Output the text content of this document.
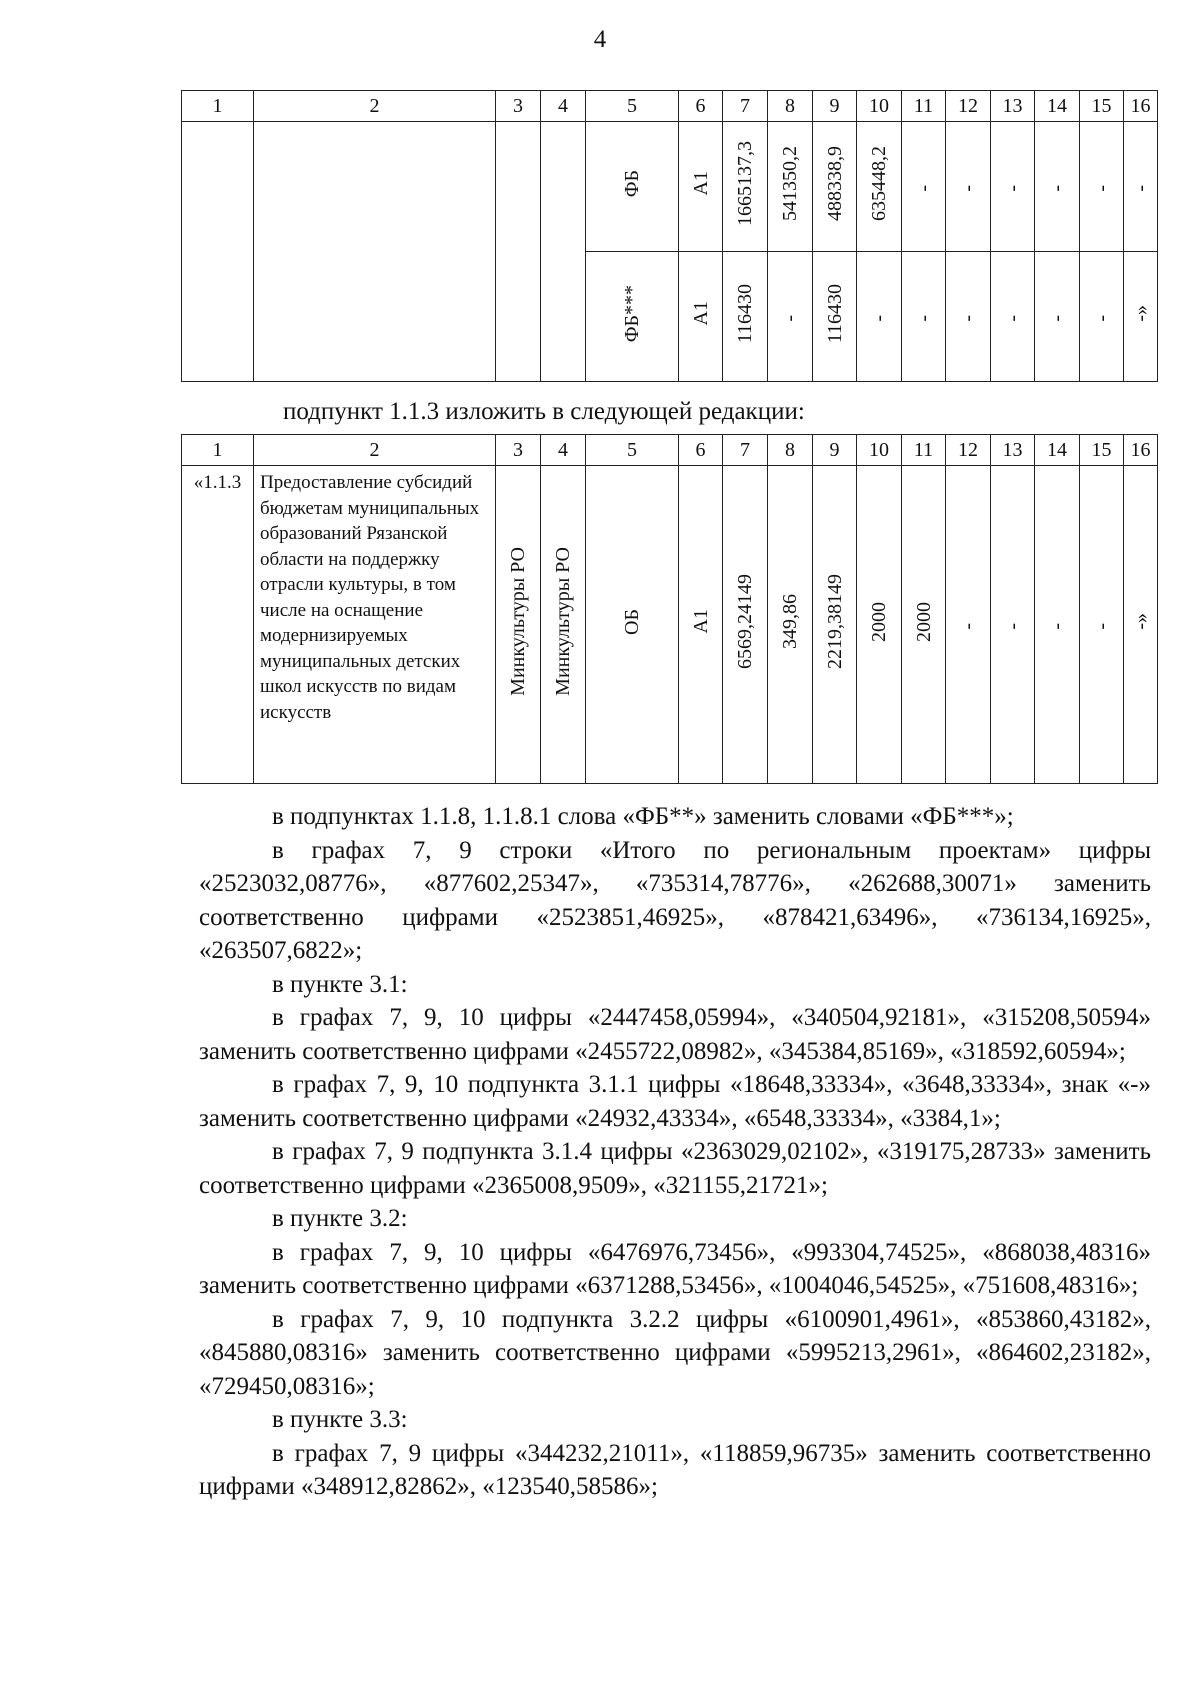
4
1	2	3	4	5	6	7	8	9	10	11	12	13	14	15	16
				ФБ	А1	1665137,3	541350,2	488338,9	635448,2	-	-	-	-	-	-
				ФБ***	А1	116430	-	116430	-	-	-	-	-	-	-»
подпункт 1.1.3 изложить в следующей редакции:
1	2	3	4	5	6	7	8	9	10	11	12	13	14	15	16
«1.1.3	Предоставление субсидий бюджетам муниципальных образований Рязанской области на поддержку отрасли культуры, в том числе на оснащение модернизируемых муниципальных детских школ искусств по видам искусств	Минкультуры РО	Минкультуры РО	ОБ	А1	6569,24149	349,86	2219,38149	2000	2000	-	-	-	-	-»

в подпунктах 1.1.8, 1.1.8.1 слова «ФБ**» заменить словами «ФБ***»;

в графах 7, 9 строки «Итого по региональным проектам» цифры «2523032,08776», «877602,25347», «735314,78776», «262688,30071» заменить соответственно цифрами «2523851,46925», «878421,63496», «736134,16925», «263507,6822»;

в пункте 3.1:

в графах 7, 9, 10 цифры «2447458,05994», «340504,92181», «315208,50594» заменить соответственно цифрами «2455722,08982», «345384,85169», «318592,60594»;

в графах 7, 9, 10 подпункта 3.1.1 цифры «18648,33334», «3648,33334», знак «-» заменить соответственно цифрами «24932,43334», «6548,33334», «3384,1»;

в графах 7, 9 подпункта 3.1.4 цифры «2363029,02102», «319175,28733» заменить соответственно цифрами «2365008,9509», «321155,21721»;

в пункте 3.2:

в графах 7, 9, 10 цифры «6476976,73456», «993304,74525», «868038,48316» заменить соответственно цифрами «6371288,53456», «1004046,54525», «751608,48316»;

в графах 7, 9, 10 подпункта 3.2.2 цифры «6100901,4961», «853860,43182», «845880,08316» заменить соответственно цифрами «5995213,2961», «864602,23182», «729450,08316»;

в пункте 3.3:

в графах 7, 9 цифры «344232,21011», «118859,96735» заменить соответственно цифрами «348912,82862», «123540,58586»;
